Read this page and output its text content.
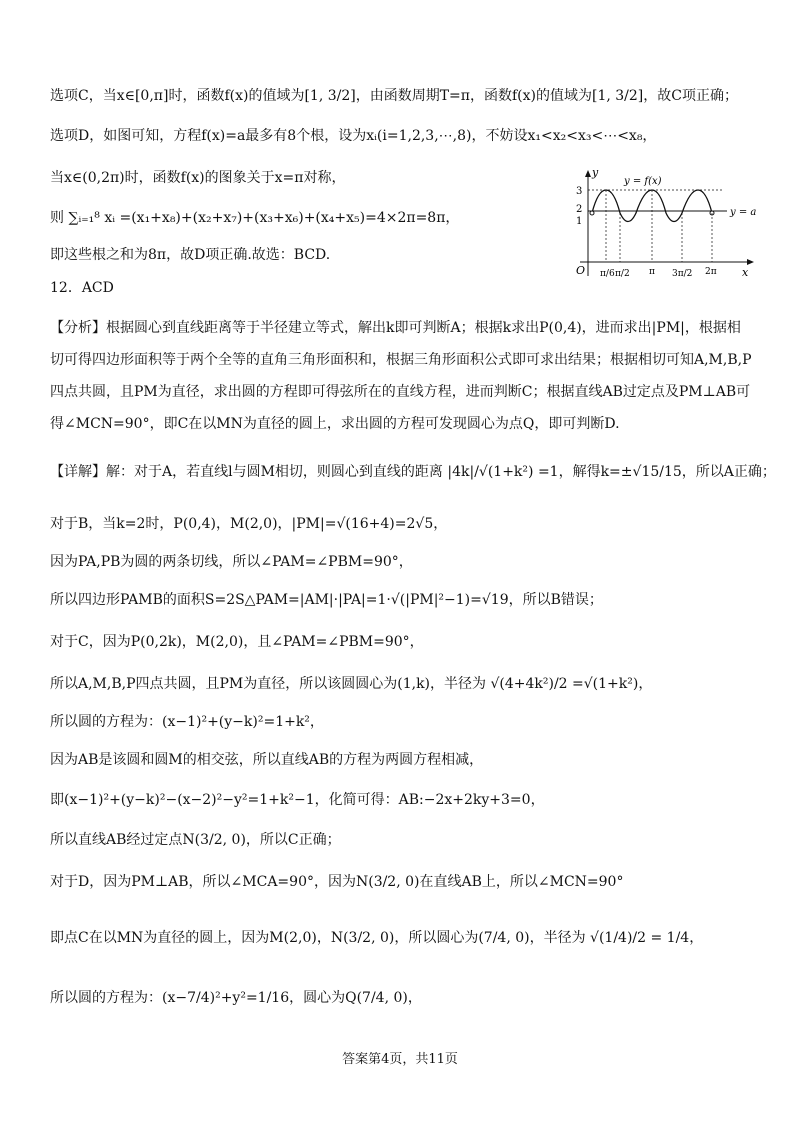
选项C，当x∈[0,π]时，函数f(x)的值域为[1, 3/2]，由函数周期T=π，函数f(x)的值域为[1, 3/2]，故C项正确；
选项D，如图可知，方程f(x)=a最多有8个根，设为xᵢ(i=1,2,3,⋯,8)，不妨设x₁<x₂<x₃<⋯<x₈，
当x∈(0,2π)时，函数f(x)的图象关于x=π对称，
则 ∑ᵢ₌₁⁸ xᵢ =(x₁+x₈)+(x₂+x₇)+(x₃+x₆)+(x₄+x₅)=4×2π=8π，
即这些根之和为8π，故D项正确.故选：BCD.
12．ACD
【分析】根据圆心到直线距离等于半径建立等式，解出k即可判断A；根据k求出P(0,4)，进而求出|PM|，根据相
切可得四边形面积等于两个全等的直角三角形面积和，根据三角形面积公式即可求出结果；根据相切可知A,M,B,P
四点共圆，且PM为直径，求出圆的方程即可得弦所在的直线方程，进而判断C；根据直线AB过定点及PM⊥AB可
得∠MCN=90°，即C在以MN为直径的圆上，求出圆的方程可发现圆心为点Q，即可判断D.
【详解】解：对于A，若直线l与圆M相切，则圆心到直线的距离 |4k|/√(1+k²) =1，解得k=±√15/15，所以A正确；
对于B，当k=2时，P(0,4)，M(2,0)，|PM|=√(16+4)=2√5，
因为PA,PB为圆的两条切线，所以∠PAM=∠PBM=90°，
所以四边形PAMB的面积S=2S△PAM=|AM|·|PA|=1·√(|PM|²−1)=√19，所以B错误；
对于C，因为P(0,2k)，M(2,0)，且∠PAM=∠PBM=90°，
所以A,M,B,P四点共圆，且PM为直径，所以该圆圆心为(1,k)，半径为 √(4+4k²)/2 =√(1+k²)，
所以圆的方程为：(x−1)²+(y−k)²=1+k²，
因为AB是该圆和圆M的相交弦，所以直线AB的方程为两圆方程相减，
即(x−1)²+(y−k)²−(x−2)²−y²=1+k²−1，化简可得：AB:−2x+2ky+3=0，
所以直线AB经过定点N(3/2, 0)，所以C正确；
对于D，因为PM⊥AB，所以∠MCA=90°，因为N(3/2, 0)在直线AB上，所以∠MCN=90°
即点C在以MN为直径的圆上，因为M(2,0)，N(3/2, 0)，所以圆心为(7/4, 0)，半径为 √(1/4)/2 = 1/4，
所以圆的方程为：(x−7/4)²+y²=1/16，圆心为Q(7/4, 0)，
y
x
O
3
2
1
y = a
y = f(x)
π/6 π/2 π 3π/2 2π
答案第4页，共11页
